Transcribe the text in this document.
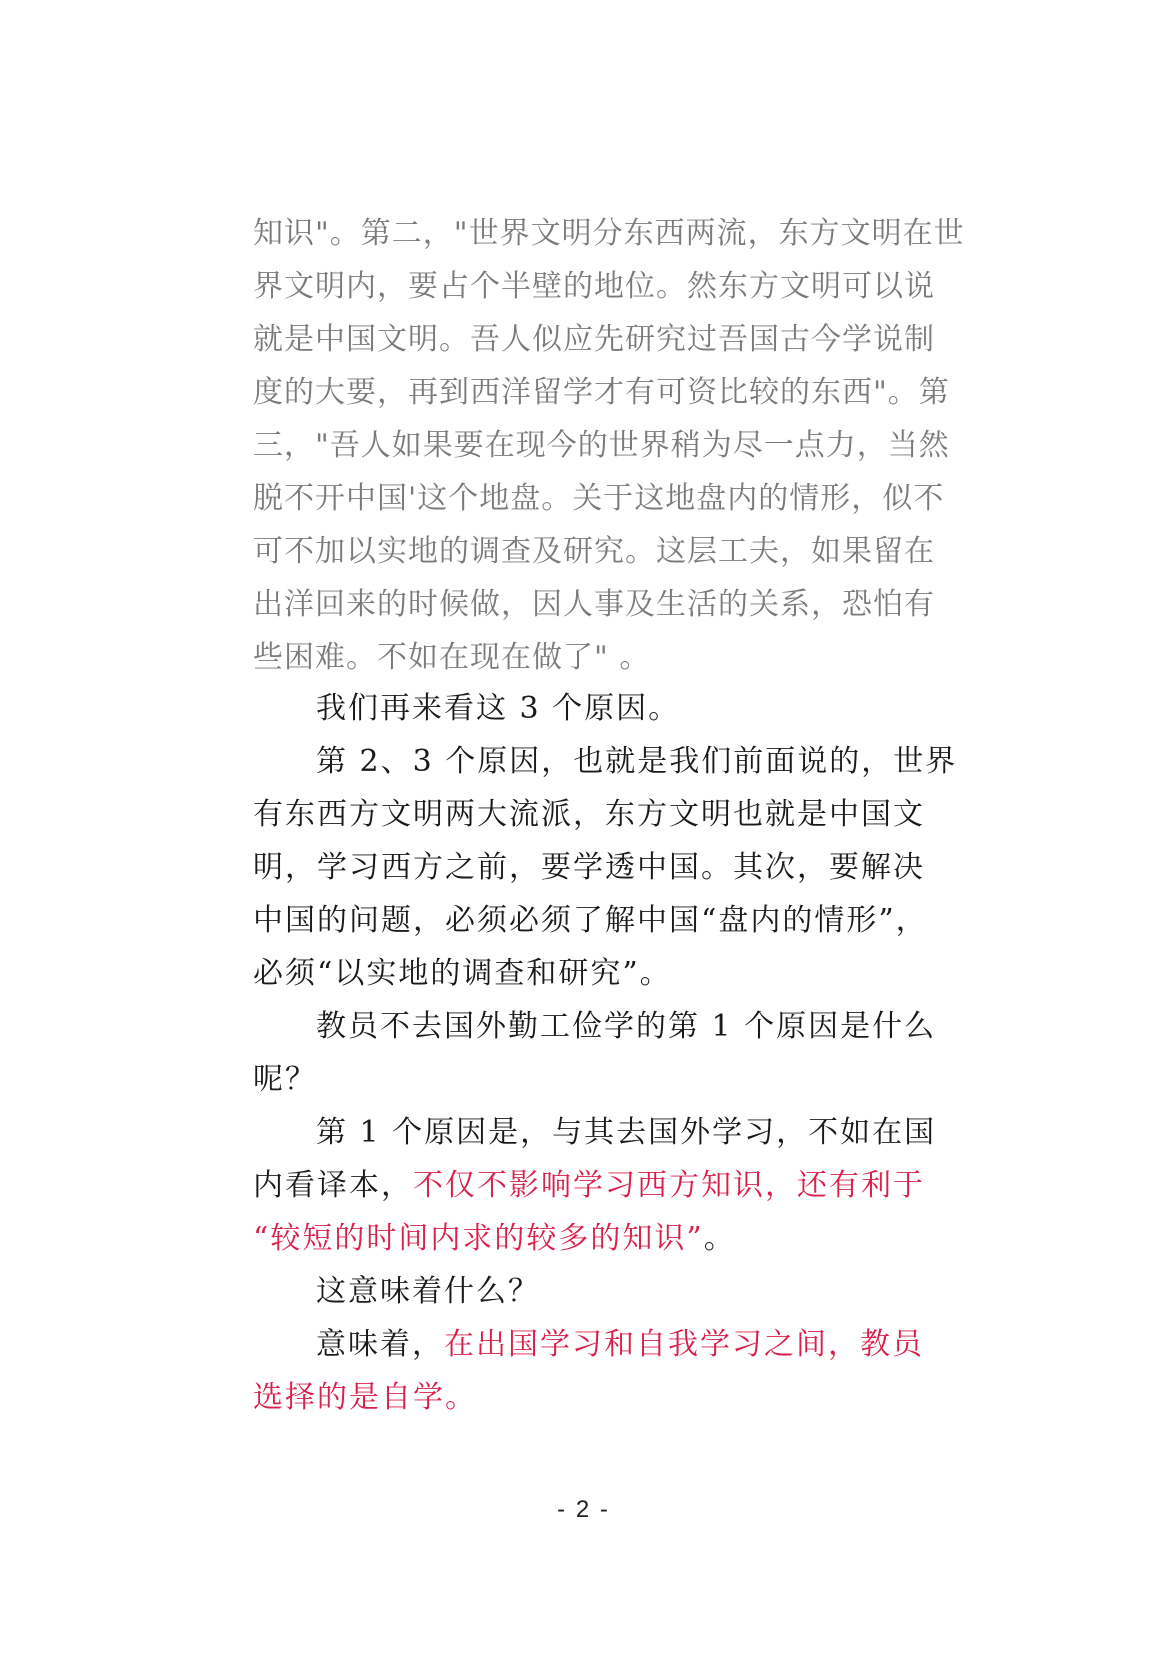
知识"。第二，"世界文明分东西两流，东方文明在世
界文明内，要占个半壁的地位。然东方文明可以说
就是中国文明。吾人似应先研究过吾国古今学说制
度的大要，再到西洋留学才有可资比较的东西"。第
三，"吾人如果要在现今的世界稍为尽一点力，当然
脱不开中国'这个地盘。关于这地盘内的情形，似不
可不加以实地的调查及研究。这层工夫，如果留在
出洋回来的时候做，因人事及生活的关系，恐怕有
些困难。不如在现在做了" 。
我们再来看这 3 个原因。
第 2、3 个原因，也就是我们前面说的，世界
有东西方文明两大流派，东方文明也就是中国文
明，学习西方之前，要学透中国。其次，要解决
中国的问题，必须必须了解中国“盘内的情形”，
必须“以实地的调查和研究”。
教员不去国外勤工俭学的第 1 个原因是什么
呢？
第 1 个原因是，与其去国外学习，不如在国
内看译本，不仅不影响学习西方知识，还有利于
“较短的时间内求的较多的知识”。
这意味着什么？
意味着，在出国学习和自我学习之间，教员
选择的是自学。
- 2 -
